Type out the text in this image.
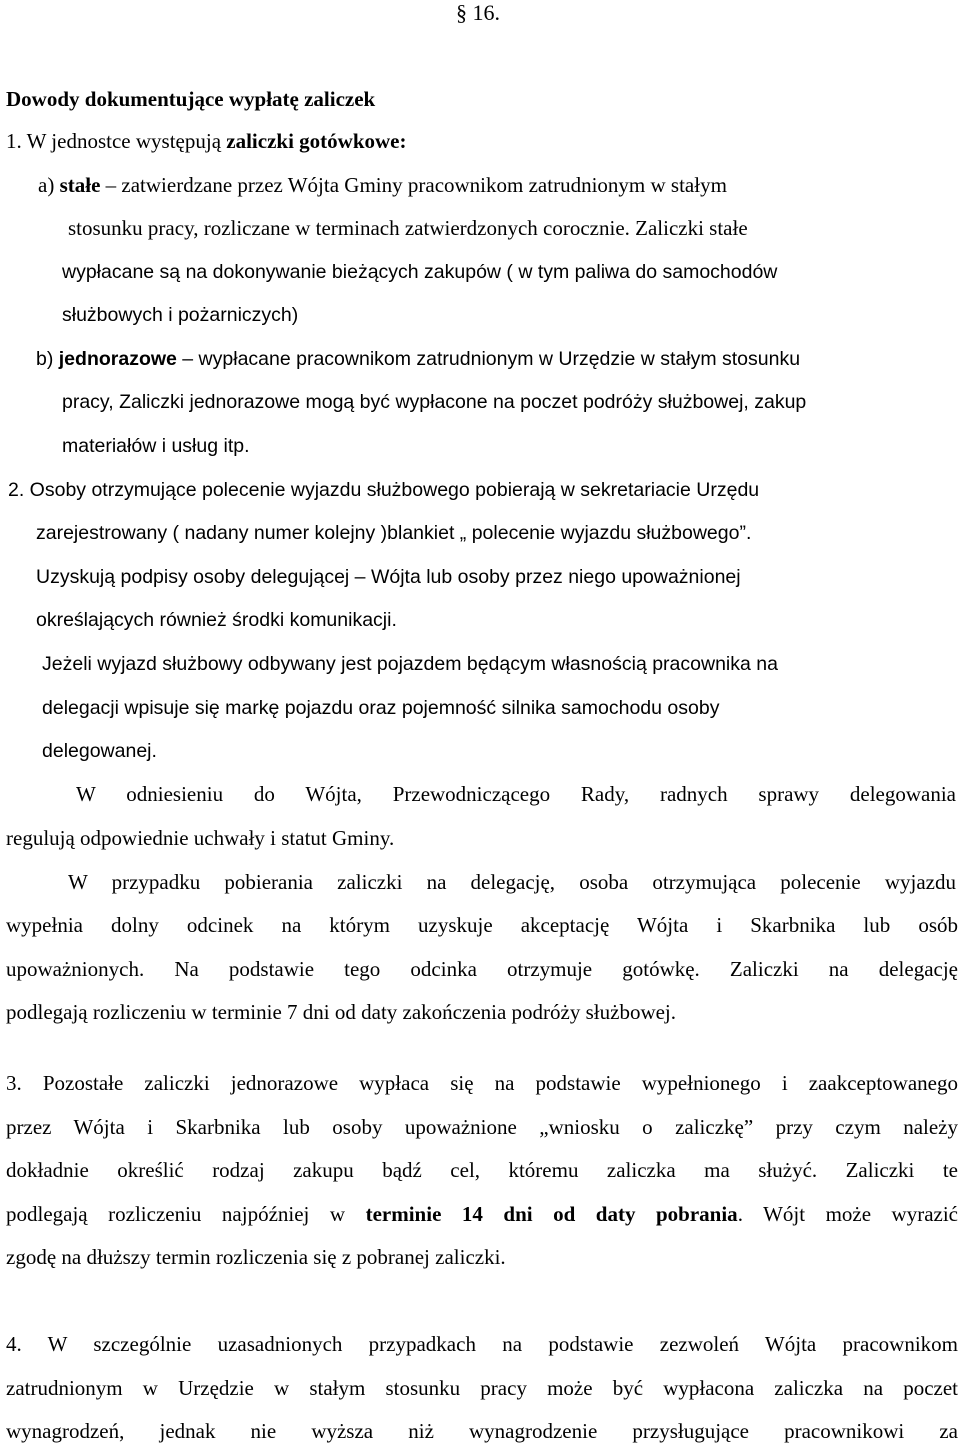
§ 16.
Dowody dokumentujące wypłatę zaliczek
1. W jednostce występują zaliczki gotówkowe:
a) stałe – zatwierdzane przez Wójta Gminy pracownikom zatrudnionym w stałym
stosunku pracy, rozliczane w terminach zatwierdzonych corocznie. Zaliczki stałe
wypłacane są na dokonywanie bieżących zakupów ( w tym paliwa do samochodów
służbowych i pożarniczych)
b) jednorazowe – wypłacane pracownikom zatrudnionym w Urzędzie w stałym stosunku
pracy, Zaliczki jednorazowe mogą być wypłacone na poczet podróży służbowej, zakup
materiałów i usług itp.
2. Osoby otrzymujące polecenie wyjazdu służbowego pobierają w sekretariacie Urzędu
zarejestrowany ( nadany numer kolejny )blankiet „ polecenie wyjazdu służbowego”.
Uzyskują podpisy osoby delegującej – Wójta lub osoby przez niego upoważnionej
określających również środki komunikacji.
Jeżeli wyjazd służbowy odbywany jest pojazdem będącym własnością pracownika na
delegacji wpisuje się markę pojazdu oraz pojemność silnika samochodu osoby
delegowanej.
W odniesieniu do Wójta, Przewodniczącego Rady, radnych sprawy delegowania
regulują odpowiednie uchwały i statut Gminy.
W przypadku pobierania zaliczki na delegację, osoba otrzymująca polecenie wyjazdu
wypełnia dolny odcinek na którym uzyskuje akceptację Wójta i Skarbnika lub osób
upoważnionych. Na podstawie tego odcinka otrzymuje gotówkę. Zaliczki na delegację
podlegają rozliczeniu w terminie 7 dni od daty zakończenia podróży służbowej.
3. Pozostałe zaliczki jednorazowe wypłaca się na podstawie wypełnionego i zaakceptowanego
przez Wójta i Skarbnika lub osoby upoważnione „wniosku o zaliczkę” przy czym należy
dokładnie określić rodzaj zakupu bądź cel, któremu zaliczka ma służyć. Zaliczki te
podlegają rozliczeniu najpóźniej w terminie 14 dni od daty pobrania. Wójt może wyrazić
zgodę na dłuższy termin rozliczenia się z pobranej zaliczki.
4. W szczególnie uzasadnionych przypadkach na podstawie zezwoleń Wójta pracownikom
zatrudnionym w Urzędzie w stałym stosunku pracy może być wypłacona zaliczka na poczet
wynagrodzeń, jednak nie wyższa niż wynagrodzenie przysługujące pracownikowi za
